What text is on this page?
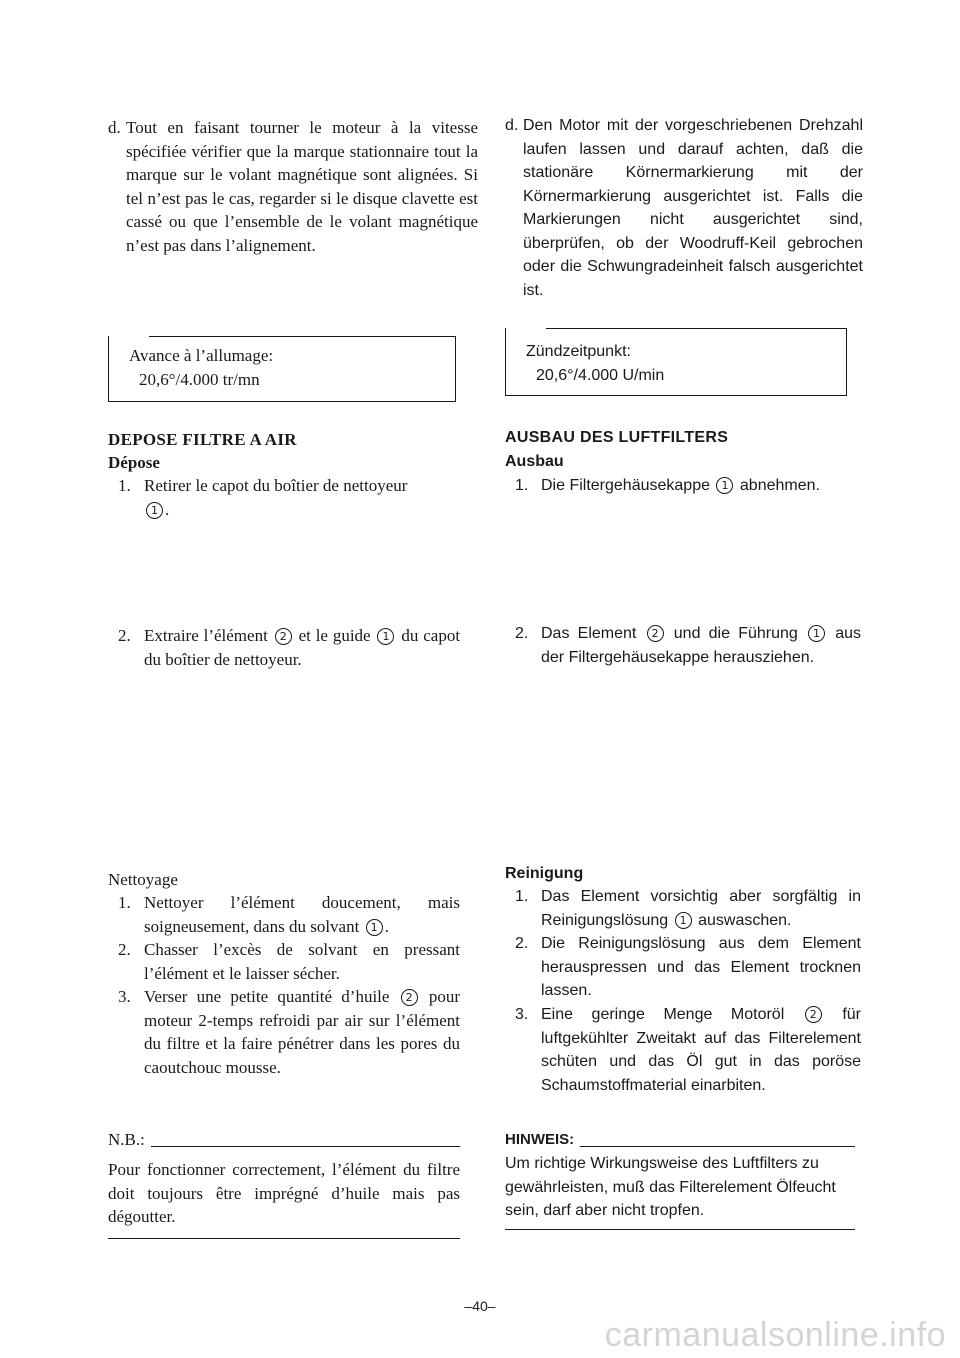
d. Tout en faisant tourner le moteur à la vitesse spécifiée vérifier que la marque stationnaire tout la marque sur le volant magnétique sont alignées. Si tel n’est pas le cas, regarder si le disque clavette est cassé ou que l’ensemble de le volant magnétique n’est pas dans l’alignement.
Avance à l’allumage:
20,6°/4.000 tr/mn
DEPOSE FILTRE A AIR
Dépose
1. Retirer le capot du boîtier de nettoyeur
1 .
2. Extraire l’élément 2 et le guide 1 du capot du boîtier de nettoyeur.
Nettoyage
1. Nettoyer l’élément doucement, mais soigneusement, dans du solvant 1 .
2. Chasser l’excès de solvant en pressant l’élément et le laisser sécher.
3. Verser une petite quantité d’huile 2 pour moteur 2-temps refroidi par air sur l’élément du filtre et la faire pénétrer dans les pores du caoutchouc mousse.
N.B.:
Pour fonctionner correctement, l’élément du filtre doit toujours être imprégné d’huile mais pas dégoutter.
d. Den Motor mit der vorgeschriebenen Drehzahl laufen lassen und darauf achten, daß die stationäre Körnermarkierung mit der Körnermarkierung ausgerichtet ist. Falls die Markierungen nicht ausgerichtet sind, überprüfen, ob der Woodruff-Keil gebrochen oder die Schwungradeinheit falsch ausgerichtet ist.
Zündzeitpunkt:
20,6°/4.000 U/min
AUSBAU DES LUFTFILTERS
Ausbau
1. Die Filtergehäusekappe 1 abnehmen.
2. Das Element 2 und die Führung 1 aus der Filtergehäusekappe herausziehen.
Reinigung
1. Das Element vorsichtig aber sorgfältig in Reinigungslösung 1 auswaschen.
2. Die Reinigungslösung aus dem Element herauspressen und das Element trocknen lassen.
3. Eine geringe Menge Motoröl 2 für luftgekühlter Zweitakt auf das Filterelement schüten und das Öl gut in das poröse Schaumstoffmaterial einarbiten.
HINWEIS:
Um richtige Wirkungsweise des Luftfilters zu gewährleisten, muß das Filterelement Ölfeucht sein, darf aber nicht tropfen.
–40–
carmanualsonline.info
